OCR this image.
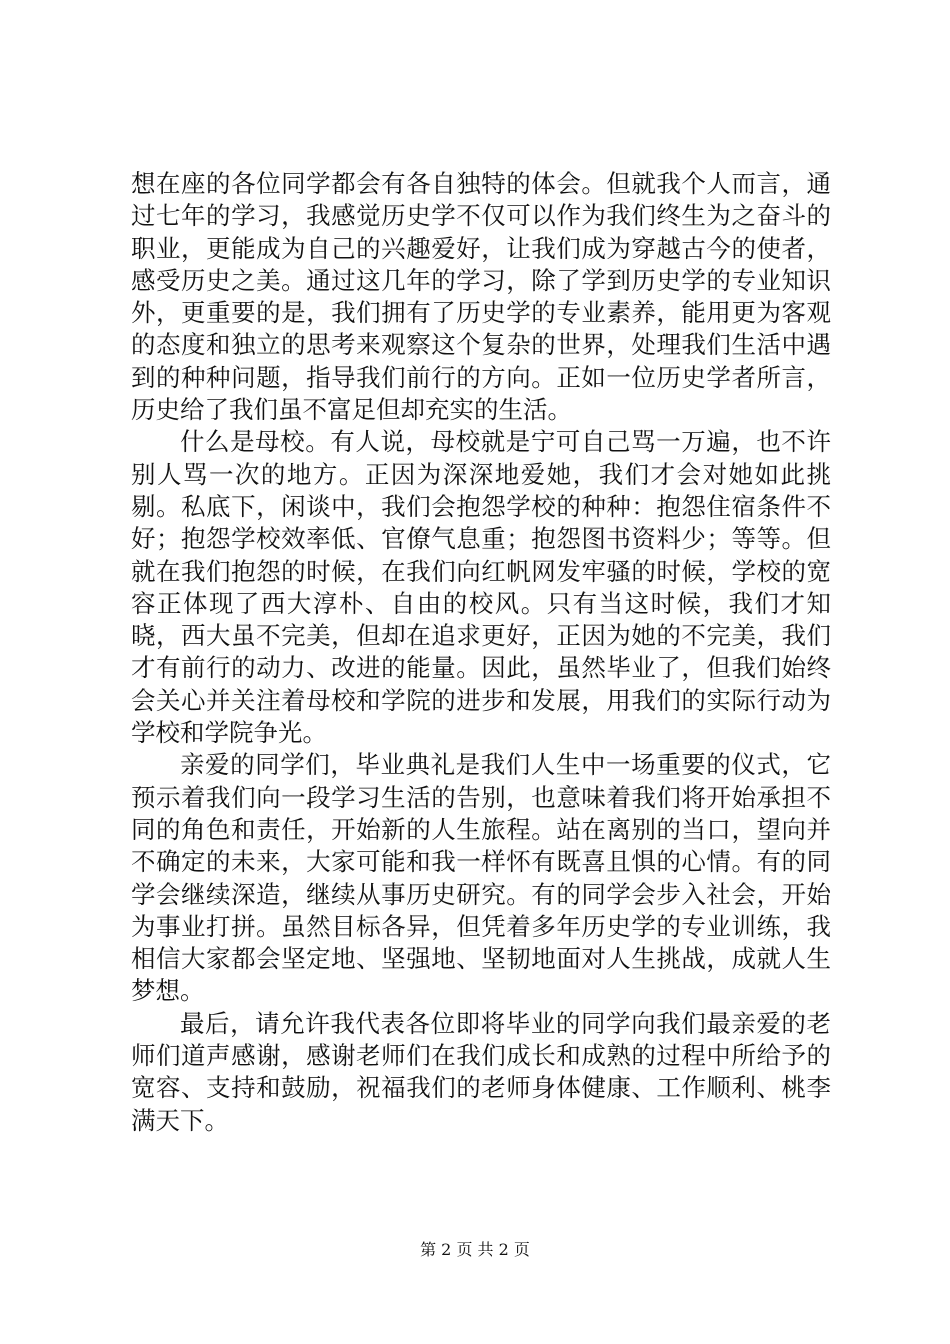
想在座的各位同学都会有各自独特的体会。但就我个人而言，通过七年的学习，我感觉历史学不仅可以作为我们终生为之奋斗的职业，更能成为自己的兴趣爱好，让我们成为穿越古今的使者，感受历史之美。通过这几年的学习，除了学到历史学的专业知识外，更重要的是，我们拥有了历史学的专业素养，能用更为客观的态度和独立的思考来观察这个复杂的世界，处理我们生活中遇到的种种问题，指导我们前行的方向。正如一位历史学者所言，历史给了我们虽不富足但却充实的生活。

什么是母校。有人说，母校就是宁可自己骂一万遍，也不许别人骂一次的地方。正因为深深地爱她，我们才会对她如此挑剔。私底下，闲谈中，我们会抱怨学校的种种：抱怨住宿条件不好；抱怨学校效率低、官僚气息重；抱怨图书资料少；等等。但就在我们抱怨的时候，在我们向红帆网发牢骚的时候，学校的宽容正体现了西大淳朴、自由的校风。只有当这时候，我们才知晓，西大虽不完美，但却在追求更好，正因为她的不完美，我们才有前行的动力、改进的能量。因此，虽然毕业了，但我们始终会关心并关注着母校和学院的进步和发展，用我们的实际行动为学校和学院争光。

亲爱的同学们，毕业典礼是我们人生中一场重要的仪式，它预示着我们向一段学习生活的告别，也意味着我们将开始承担不同的角色和责任，开始新的人生旅程。站在离别的当口，望向并不确定的未来，大家可能和我一样怀有既喜且惧的心情。有的同学会继续深造，继续从事历史研究。有的同学会步入社会，开始为事业打拼。虽然目标各异，但凭着多年历史学的专业训练，我相信大家都会坚定地、坚强地、坚韧地面对人生挑战，成就人生梦想。

最后，请允许我代表各位即将毕业的同学向我们最亲爱的老师们道声感谢，感谢老师们在我们成长和成熟的过程中所给予的宽容、支持和鼓励，祝福我们的老师身体健康、工作顺利、桃李满天下。

第 2 页 共 2 页
